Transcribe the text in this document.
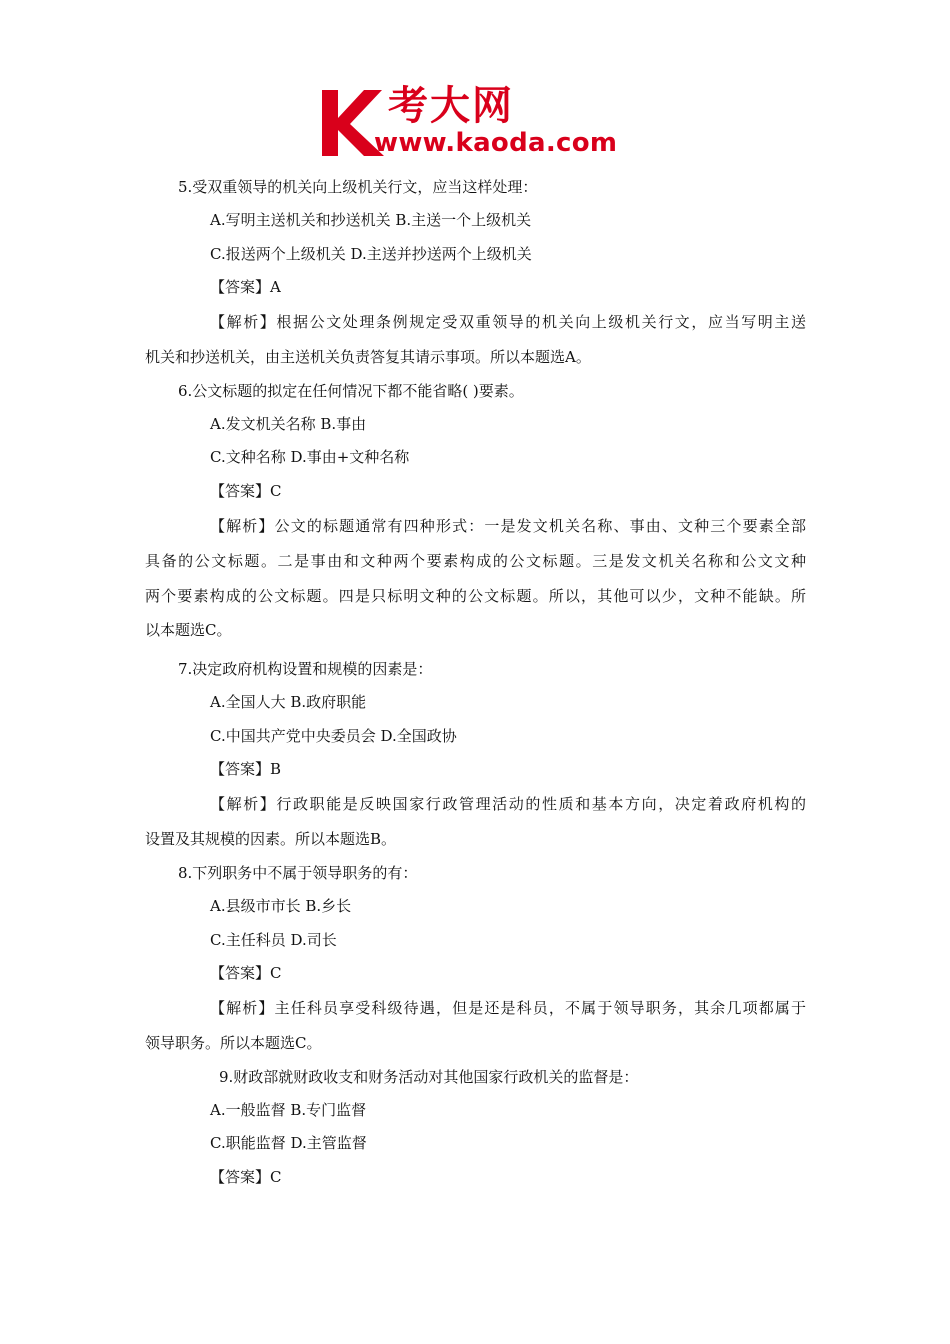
考大网
www.kaoda.com
5.受双重领导的机关向上级机关行文，应当这样处理：
A.写明主送机关和抄送机关 B.主送一个上级机关
C.报送两个上级机关 D.主送并抄送两个上级机关
【答案】A
【解析】根据公文处理条例规定受双重领导的机关向上级机关行文，应当写明主送
机关和抄送机关，由主送机关负责答复其请示事项。所以本题选A。
6.公文标题的拟定在任何情况下都不能省略( )要素。
A.发文机关名称 B.事由
C.文种名称 D.事由+文种名称
【答案】C
【解析】公文的标题通常有四种形式：一是发文机关名称、事由、文种三个要素全部
具备的公文标题。二是事由和文种两个要素构成的公文标题。三是发文机关名称和公文文种
两个要素构成的公文标题。四是只标明文种的公文标题。所以，其他可以少，文种不能缺。所
以本题选C。
7.决定政府机构设置和规模的因素是：
A.全国人大 B.政府职能
C.中国共产党中央委员会 D.全国政协
【答案】B
【解析】行政职能是反映国家行政管理活动的性质和基本方向，决定着政府机构的
设置及其规模的因素。所以本题选B。
8.下列职务中不属于领导职务的有：
A.县级市市长 B.乡长
C.主任科员 D.司长
【答案】C
【解析】主任科员享受科级待遇，但是还是科员，不属于领导职务，其余几项都属于
领导职务。所以本题选C。
9.财政部就财政收支和财务活动对其他国家行政机关的监督是：
A.一般监督 B.专门监督
C.职能监督 D.主管监督
【答案】C
